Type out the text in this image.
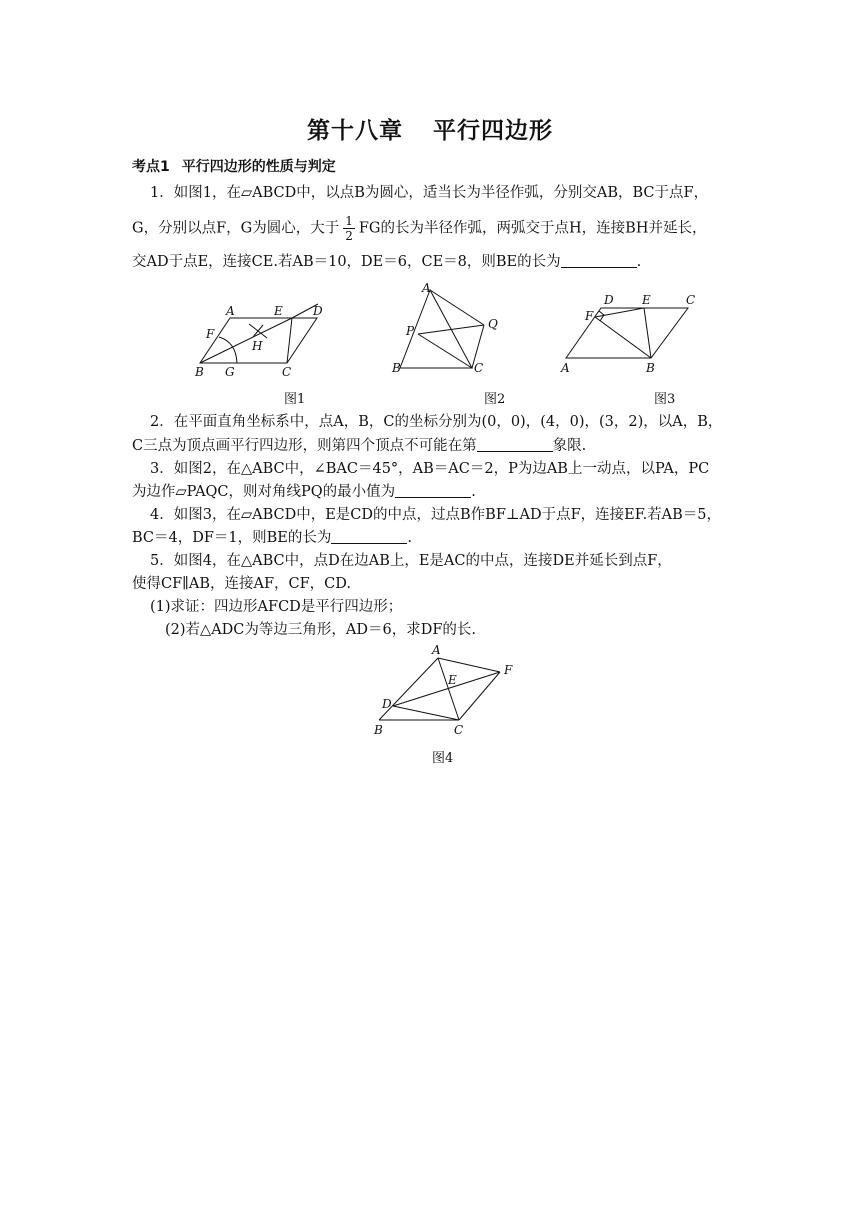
第十八章 平行四边形
考点1 平行四边形的性质与判定
1．如图1，在▱ABCD中，以点B为圆心，适当长为半径作弧，分别交AB，BC于点F，
G，分别以点F，G为圆心，大于 $\frac{1}{2}$ FG的长为半径作弧，两弧交于点H，连接BH并延长，
交AD于点E，连接CE.若AB＝10，DE＝6，CE＝8，则BE的长为	.
A	E	D
F
H
B G	C
A
P	Q
B	C
D E	C
F
A	B
图1	图2	图3
2．在平面直角坐标系中，点A，B，C的坐标分别为(0，0)，(4，0)，(3，2)，以A，B，
C三点为顶点画平行四边形，则第四个顶点不可能在第	象限.
3．如图2，在△ABC中，∠BAC＝45°，AB＝AC＝2，P为边AB上一动点，以PA，PC
为边作▱PAQC，则对角线PQ的最小值为	.
4．如图3，在▱ABCD中，E是CD的中点，过点B作BF⊥AD于点F，连接EF.若AB＝5，
BC＝4，DF＝1，则BE的长为	.
5．如图4，在△ABC中，点D在边AB上，E是AC的中点，连接DE并延长到点F，
使得CF∥AB，连接AF，CF，CD.
(1)求证：四边形AFCD是平行四边形；
(2)若△ADC为等边三角形，AD＝6，求DF的长.
A
F
E
D
B	C
图4
